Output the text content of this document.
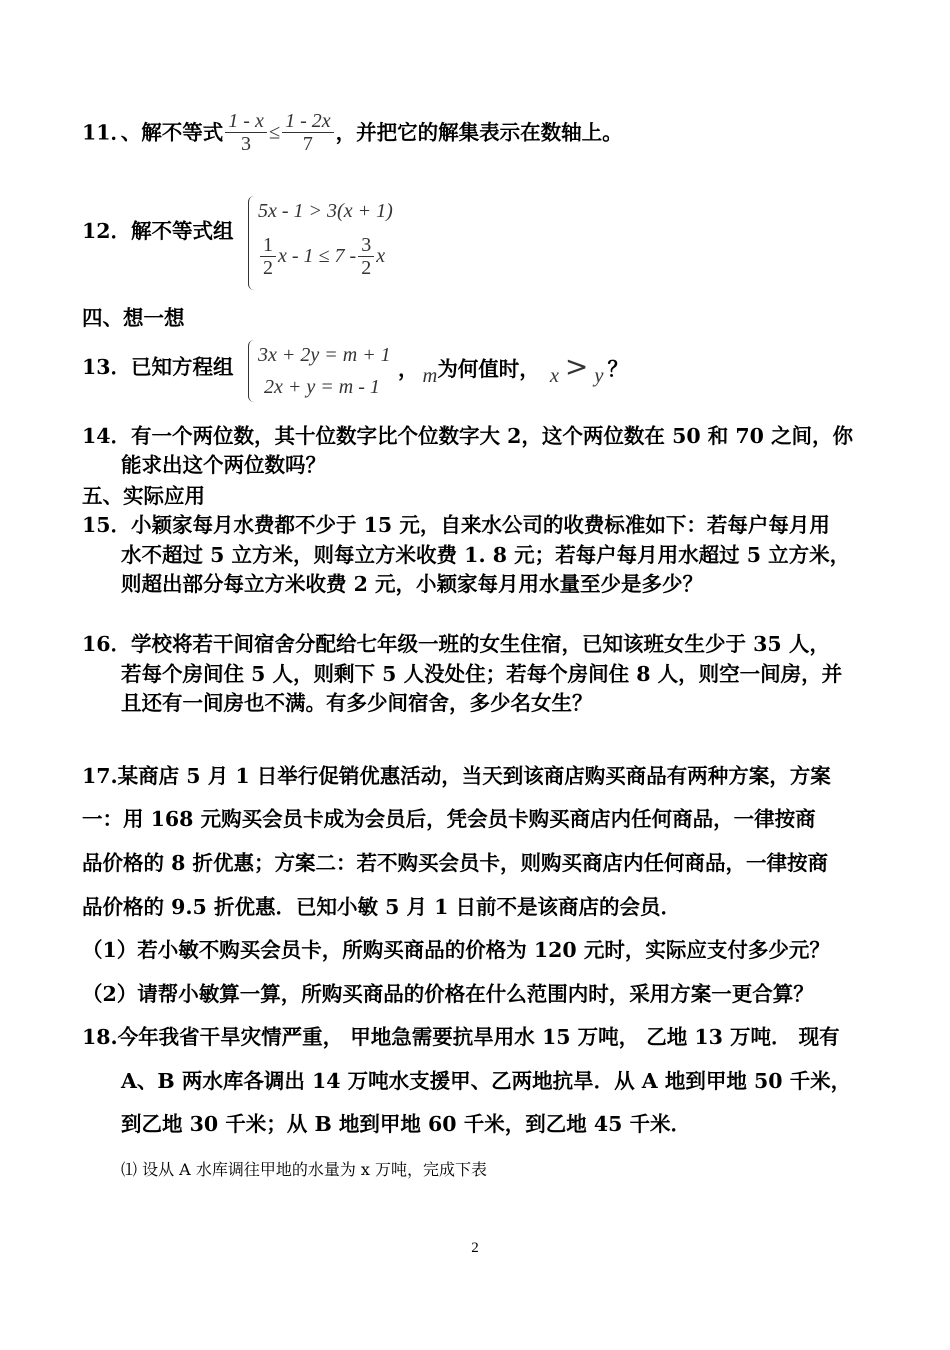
11．、解不等式 $\frac{1 - x}{3} \le \frac{1 - 2x}{7}$ ，并把它的解集表示在数轴上。
12．解不等式组
5x - 1 > 3(x + 1)
$\frac{1}{2}$ $x - 1 \le 7 - \frac{3}{2}$ x
四、想一想
13．已知方程组 3x + 2y = m + 1
2x + y = m - 1
， m为何值时， x > y ？
14．有一个两位数，其十位数字比个位数字大 2，这个两位数在 50 和 70 之间，你
能求出这个两位数吗？
五、实际应用
15．小颖家每月水费都不少于 15 元，自来水公司的收费标准如下：若每户每月用
水不超过 5 立方米，则每立方米收费 1. 8 元；若每户每月用水超过 5 立方米，
则超出部分每立方米收费 2 元，小颖家每月用水量至少是多少？
16．学校将若干间宿舍分配给七年级一班的女生住宿，已知该班女生少于 35 人，
若每个房间住 5 人，则剩下 5 人没处住；若每个房间住 8 人，则空一间房，并
且还有一间房也不满。有多少间宿舍，多少名女生？
17.某商店 5 月 1 日举行促销优惠活动，当天到该商店购买商品有两种方案，方案
一：用 168 元购买会员卡成为会员后，凭会员卡购买商店内任何商品，一律按商
品价格的 8 折优惠；方案二：若不购买会员卡，则购买商店内任何商品，一律按商
品价格的 9.5 折优惠．已知小敏 5 月 1 日前不是该商店的会员．
（1）若小敏不购买会员卡，所购买商品的价格为 120 元时，实际应支付多少元？
（2）请帮小敏算一算，所购买商品的价格在什么范围内时，采用方案一更合算？
18.今年我省干旱灾情严重， 甲地急需要抗旱用水 15 万吨， 乙地 13 万吨． 现有
A、B 两水库各调出 14 万吨水支援甲、乙两地抗旱．从 A 地到甲地 50 千米，
到乙地 30 千米；从 B 地到甲地 60 千米，到乙地 45 千米．
⑴ 设从 A 水库调往甲地的水量为 x 万吨，完成下表
2
